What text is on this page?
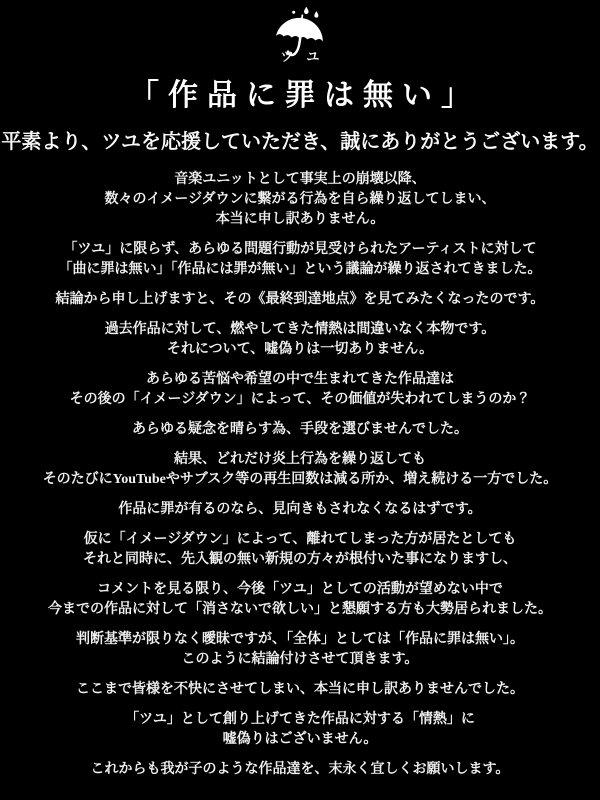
ツユ
「作品に罪は無い」
平素より、ツユを応援していただき、誠にありがとうございます。
音楽ユニットとして事実上の崩壊以降、
数々のイメージダウンに繋がる行為を自ら繰り返してしまい、
本当に申し訳ありません。
「ツユ」に限らず、あらゆる問題行動が見受けられたアーティストに対して
「曲に罪は無い」「作品には罪が無い」という議論が繰り返されてきました。
結論から申し上げますと、その《最終到達地点》を見てみたくなったのです。
過去作品に対して、燃やしてきた情熱は間違いなく本物です。
それについて、嘘偽りは一切ありません。
あらゆる苦悩や希望の中で生まれてきた作品達は
その後の「イメージダウン」によって、その価値が失われてしまうのか？
あらゆる疑念を晴らす為、手段を選びませんでした。
結果、どれだけ炎上行為を繰り返しても
そのたびにYouTubeやサブスク等の再生回数は減る所か、増え続ける一方でした。
作品に罪が有るのなら、見向きもされなくなるはずです。
仮に「イメージダウン」によって、離れてしまった方が居たとしても
それと同時に、先入観の無い新規の方々が根付いた事になりますし、
コメントを見る限り、今後「ツユ」としての活動が望めない中で
今までの作品に対して「消さないで欲しい」と懇願する方も大勢居られました。
判断基準が限りなく曖昧ですが、「全体」としては「作品に罪は無い」。
このように結論付けさせて頂きます。
ここまで皆様を不快にさせてしまい、本当に申し訳ありませんでした。
「ツユ」として創り上げてきた作品に対する「情熱」に
嘘偽りはございません。
これからも我が子のような作品達を、末永く宜しくお願いします。
